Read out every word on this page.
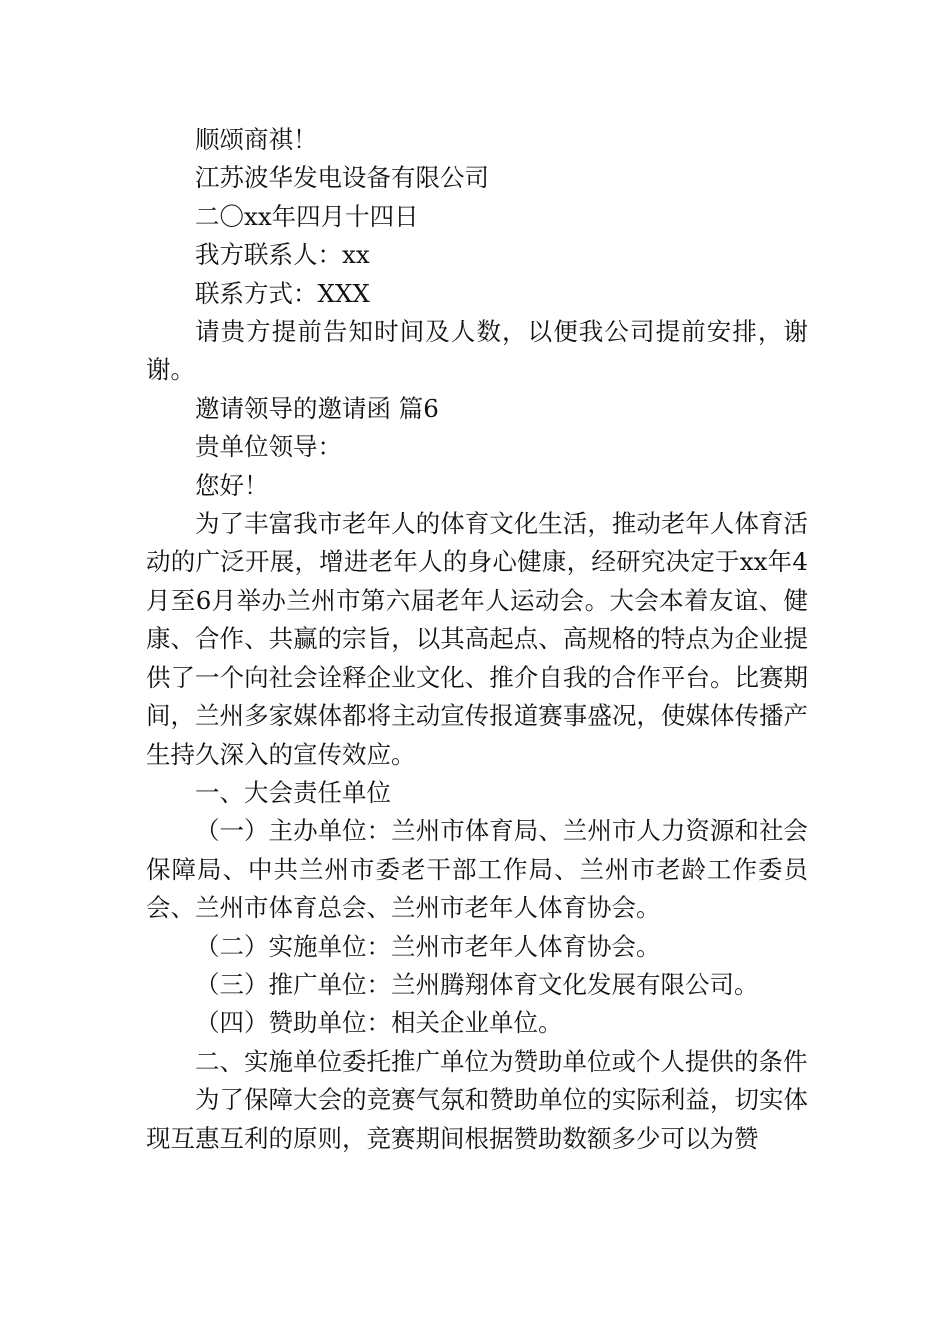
顺颂商祺！

江苏波华发电设备有限公司

二〇xx年四月十四日

我方联系人：xx

联系方式：XXX

请贵方提前告知时间及人数，以便我公司提前安排，谢谢。

邀请领导的邀请函 篇6

贵单位领导：

您好！

为了丰富我市老年人的体育文化生活，推动老年人体育活动的广泛开展，增进老年人的身心健康，经研究决定于xx年4月至6月举办兰州市第六届老年人运动会。大会本着友谊、健康、合作、共赢的宗旨，以其高起点、高规格的特点为企业提供了一个向社会诠释企业文化、推介自我的合作平台。比赛期间，兰州多家媒体都将主动宣传报道赛事盛况，使媒体传播产生持久深入的宣传效应。

一、大会责任单位

（一）主办单位：兰州市体育局、兰州市人力资源和社会保障局、中共兰州市委老干部工作局、兰州市老龄工作委员会、兰州市体育总会、兰州市老年人体育协会。

（二）实施单位：兰州市老年人体育协会。

（三）推广单位：兰州腾翔体育文化发展有限公司。

（四）赞助单位：相关企业单位。

二、实施单位委托推广单位为赞助单位或个人提供的条件

为了保障大会的竞赛气氛和赞助单位的实际利益，切实体现互惠互利的原则，竞赛期间根据赞助数额多少可以为赞
